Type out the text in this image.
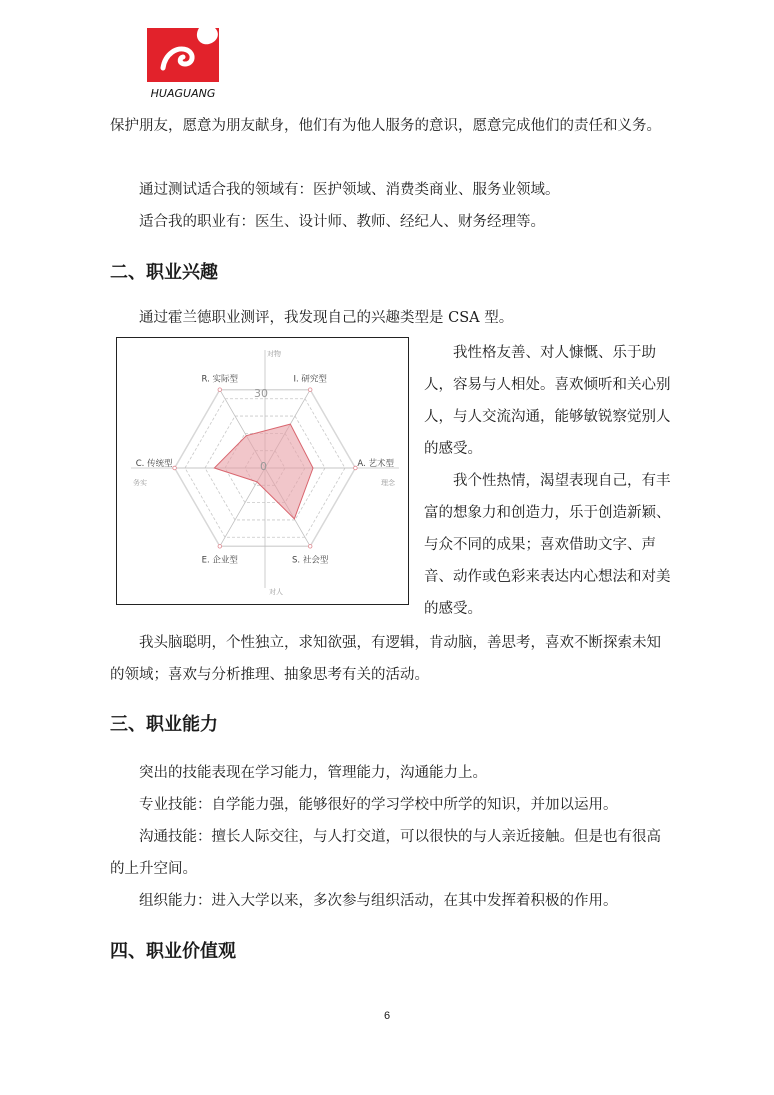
HUAGUANG

保护朋友，愿意为朋友献身，他们有为他人服务的意识，愿意完成他们的责任和义务。

通过测试适合我的领域有：医护领域、消费类商业、服务业领域。

适合我的职业有：医生、设计师、教师、经纪人、财务经理等。

二、职业兴趣

通过霍兰德职业测评，我发现自己的兴趣类型是 CSA 型。

I. 研究型
A. 艺术型
S. 社会型
E. 企业型
C. 传统型
R. 实际型
对物
对人
务实	理念
30
0

我性格友善、对人慷慨、乐于助人，容易与人相处。喜欢倾听和关心别人，与人交流沟通，能够敏锐察觉别人的感受。

我个性热情，渴望表现自己，有丰富的想象力和创造力，乐于创造新颖、与众不同的成果；喜欢借助文字、声音、动作或色彩来表达内心想法和对美的感受。

我头脑聪明，个性独立，求知欲强，有逻辑，肯动脑，善思考，喜欢不断探索未知的领域；喜欢与分析推理、抽象思考有关的活动。

三、职业能力

突出的技能表现在学习能力，管理能力，沟通能力上。

专业技能：自学能力强，能够很好的学习学校中所学的知识，并加以运用。

沟通技能：擅长人际交往，与人打交道，可以很快的与人亲近接触。但是也有很高的上升空间。

组织能力：进入大学以来，多次参与组织活动，在其中发挥着积极的作用。

四、职业价值观
6
